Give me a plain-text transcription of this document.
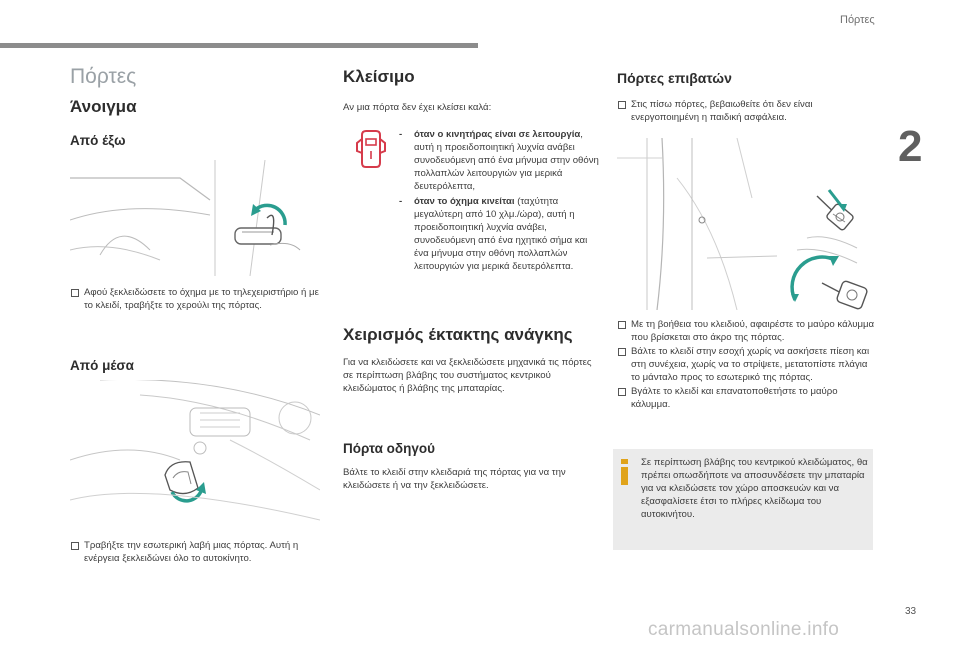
Πόρτες
2
33
carmanualsonline.info
Πόρτες
Άνοιγμα
Από έξω
Αφού ξεκλειδώσετε το όχημα με το τηλεχειριστήριο ή με το κλειδί, τραβήξτε το χερούλι της πόρτας.
Από μέσα
Τραβήξτε την εσωτερική λαβή μιας πόρτας. Αυτή η ενέργεια ξεκλειδώνει όλο το αυτοκίνητο.
Κλείσιμο
Αν μια πόρτα δεν έχει κλείσει καλά:
- όταν ο κινητήρας είναι σε λειτουργία, αυτή η προειδοποιητική λυχνία ανάβει συνοδευόμενη από ένα μήνυμα στην οθόνη πολλαπλών λειτουργιών για μερικά δευτερόλεπτα,
- όταν το όχημα κινείται (ταχύτητα μεγαλύτερη από 10 χλμ./ώρα), αυτή η προειδοποιητική λυχνία ανάβει, συνοδευόμενη από ένα ηχητικό σήμα και ένα μήνυμα στην οθόνη πολλαπλών λειτουργιών για μερικά δευτερόλεπτα.
Χειρισμός έκτακτης ανάγκης
Για να κλειδώσετε και να ξεκλειδώσετε μηχανικά τις πόρτες σε περίπτωση βλάβης του συστήματος κεντρικού κλειδώματος ή βλάβης της μπαταρίας.
Πόρτα οδηγού
Βάλτε το κλειδί στην κλειδαριά της πόρτας για να την κλειδώσετε ή να την ξεκλειδώσετε.
Πόρτες επιβατών
Στις πίσω πόρτες, βεβαιωθείτε ότι δεν είναι ενεργοποιημένη η παιδική ασφάλεια.
Με τη βοήθεια του κλειδιού, αφαιρέστε το μαύρο κάλυμμα που βρίσκεται στο άκρο της πόρτας.
Βάλτε το κλειδί στην εσοχή χωρίς να ασκήσετε πίεση και στη συνέχεια, χωρίς να το στρίψετε, μετατοπίστε πλάγια το μάνταλο προς το εσωτερικό της πόρτας.
Βγάλτε το κλειδί και επανατοποθετήστε το μαύρο κάλυμμα.
Σε περίπτωση βλάβης του κεντρικού κλειδώματος, θα πρέπει οπωσδήποτε να αποσυνδέσετε την μπαταρία για να κλειδώσετε τον χώρο αποσκευών και να εξασφαλίσετε έτσι το πλήρες κλείδωμα του αυτοκινήτου.
